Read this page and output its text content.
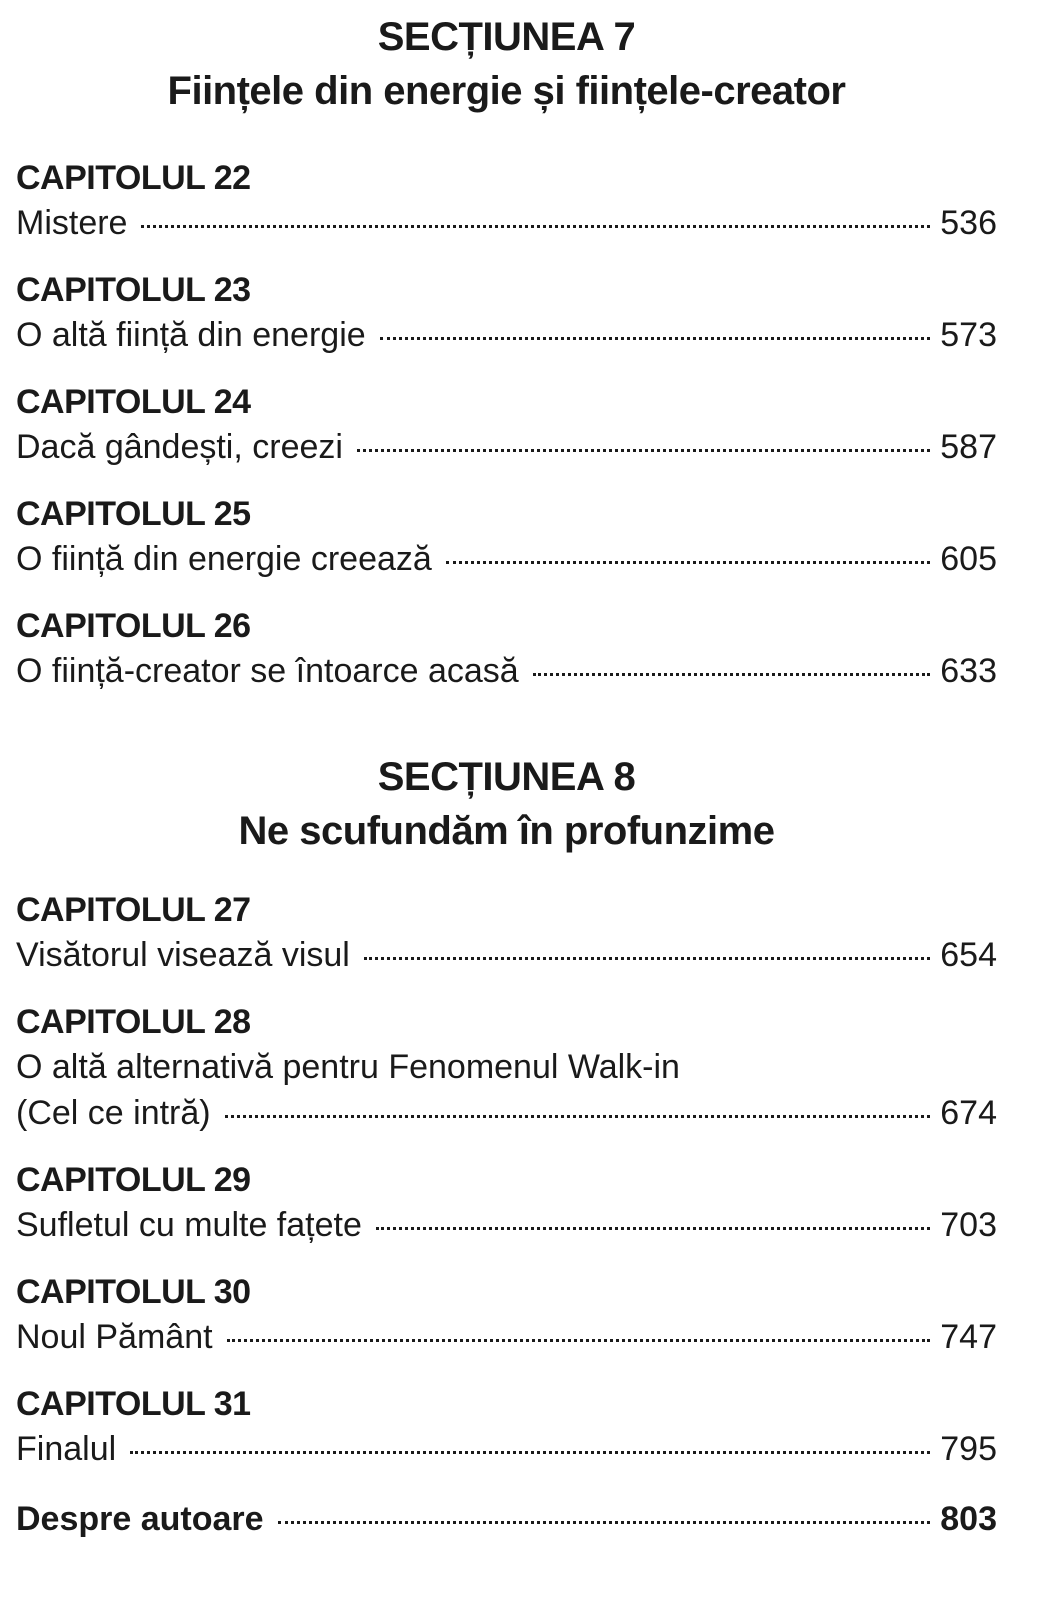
SECȚIUNEA 7
Ființele din energie și ființele-creator
CAPITOLUL 22
Mistere	536
CAPITOLUL 23
O altă ființă din energie	573
CAPITOLUL 24
Dacă gândești, creezi	587
CAPITOLUL 25
O ființă din energie creează	605
CAPITOLUL 26
O ființă-creator se întoarce acasă	633
SECȚIUNEA 8
Ne scufundăm în profunzime
CAPITOLUL 27
Visătorul visează visul	654
CAPITOLUL 28
O altă alternativă pentru Fenomenul Walk-in
(Cel ce intră)	674
CAPITOLUL 29
Sufletul cu multe fațete	703
CAPITOLUL 30
Noul Pământ	747
CAPITOLUL 31
Finalul	795
Despre autoare	803
